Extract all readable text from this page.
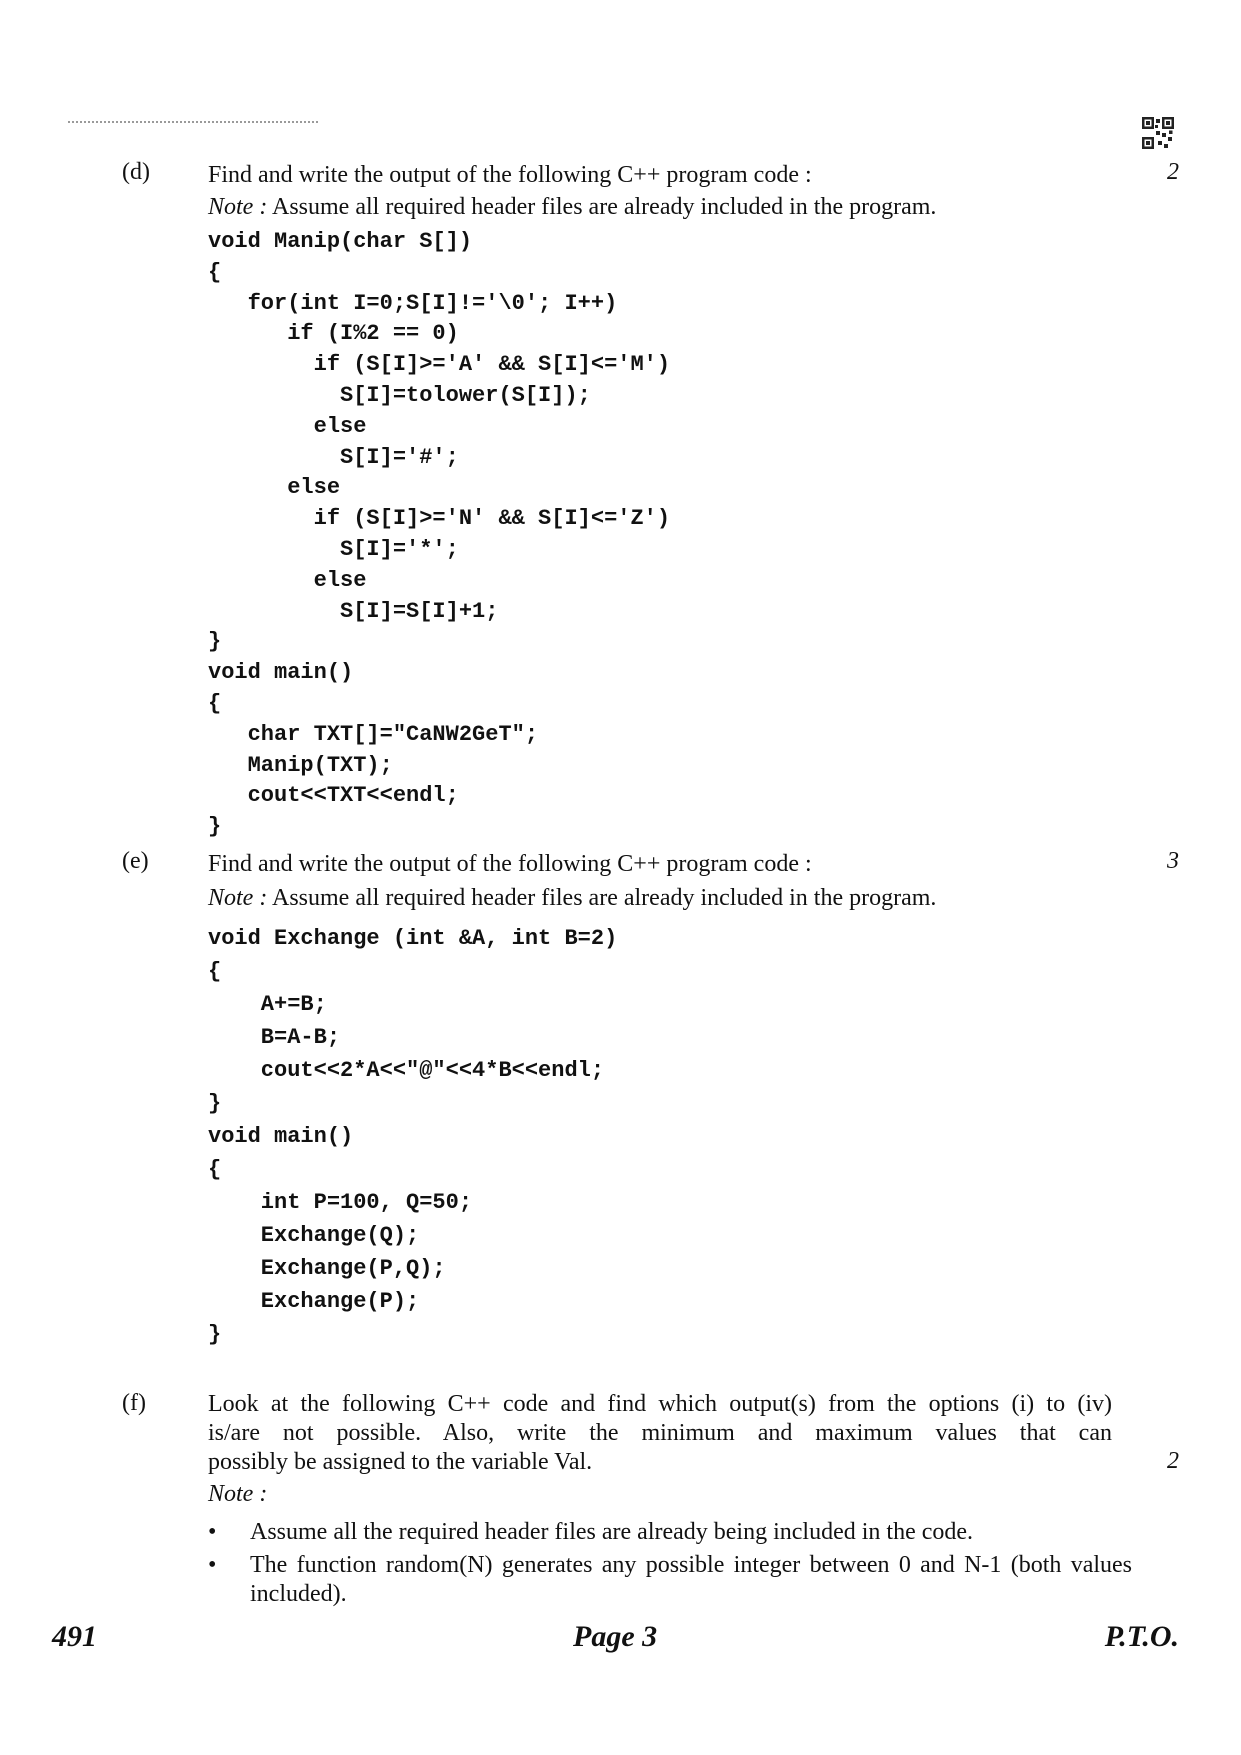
(d)	2
Find and write the output of the following C++ program code :
Note : Assume all required header files are already included in the program.
void Manip(char S[])
{
for(int I=0;S[I]!='\0'; I++)
if (I%2 == 0)
if (S[I]>='A' && S[I]<='M')
S[I]=tolower(S[I]);
else
S[I]='#';
else
if (S[I]>='N' && S[I]<='Z')
S[I]='*';
else
S[I]=S[I]+1;
}
void main()
{
char TXT[]="CaNW2GeT";
Manip(TXT);
cout<<TXT<<endl;
}
(e)	3
Find and write the output of the following C++ program code :
Note : Assume all required header files are already included in the program.
void Exchange (int &A, int B=2)
{
A+=B;
B=A-B;
cout<<2*A<<"@"<<4*B<<endl;
}
void main()
{
int P=100, Q=50;
Exchange(Q);
Exchange(P,Q);
Exchange(P);
}
(f)
2
Look at the following C++ code and find which output(s) from the options (i) to (iv)
is/are not possible. Also, write the minimum and maximum values that can
possibly be assigned to the variable Val.
Note :
• Assume all the required header files are already being included in the code.
• The function random(N) generates any possible integer between 0 and N-1 (both values included).
491	Page 3	P.T.O.
